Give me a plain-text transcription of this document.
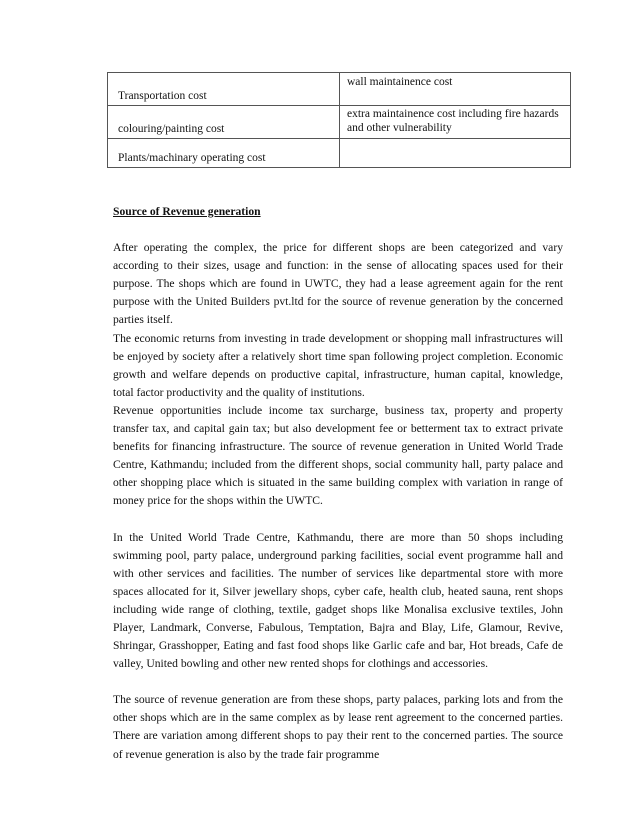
Transportation cost	wall maintainence cost
colouring/painting cost	extra maintainence cost including fire hazards and other vulnerability
Plants/machinary operating cost	
Source of Revenue generation

After operating the complex, the price for different shops are been categorized and vary according to their sizes, usage and function: in the sense of allocating spaces used for their purpose. The shops which are found in UWTC, they had a lease agreement again for the rent purpose with the United Builders pvt.ltd for the source of revenue generation by the concerned parties itself.

The economic returns from investing in trade development or shopping mall infrastructures will be enjoyed by society after a relatively short time span following project completion. Economic growth and welfare depends on productive capital, infrastructure, human capital, knowledge, total factor productivity and the quality of institutions.

Revenue opportunities include income tax surcharge, business tax, property and property transfer tax, and capital gain tax; but also development fee or betterment tax to extract private benefits for financing infrastructure. The source of revenue generation in United World Trade Centre, Kathmandu; included from the different shops, social community hall, party palace and other shopping place which is situated in the same building complex with variation in range of money price for the shops within the UWTC.

In the United World Trade Centre, Kathmandu, there are more than 50 shops including swimming pool, party palace, underground parking facilities, social event programme hall and with other services and facilities. The number of services like departmental store with more spaces allocated for it, Silver jewellary shops, cyber cafe, health club, heated sauna, rent shops including wide range of clothing, textile, gadget shops like Monalisa exclusive textiles, John Player, Landmark, Converse, Fabulous, Temptation, Bajra and Blay, Life, Glamour, Revive, Shringar, Grasshopper, Eating and fast food shops like Garlic cafe and bar, Hot breads, Cafe de valley, United bowling and other new rented shops for clothings and accessories.

The source of revenue generation are from these shops, party palaces, parking lots and from the other shops which are in the same complex as by lease rent agreement to the concerned parties. There are variation among different shops to pay their rent to the concerned parties. The source of revenue generation is also by the trade fair programme
